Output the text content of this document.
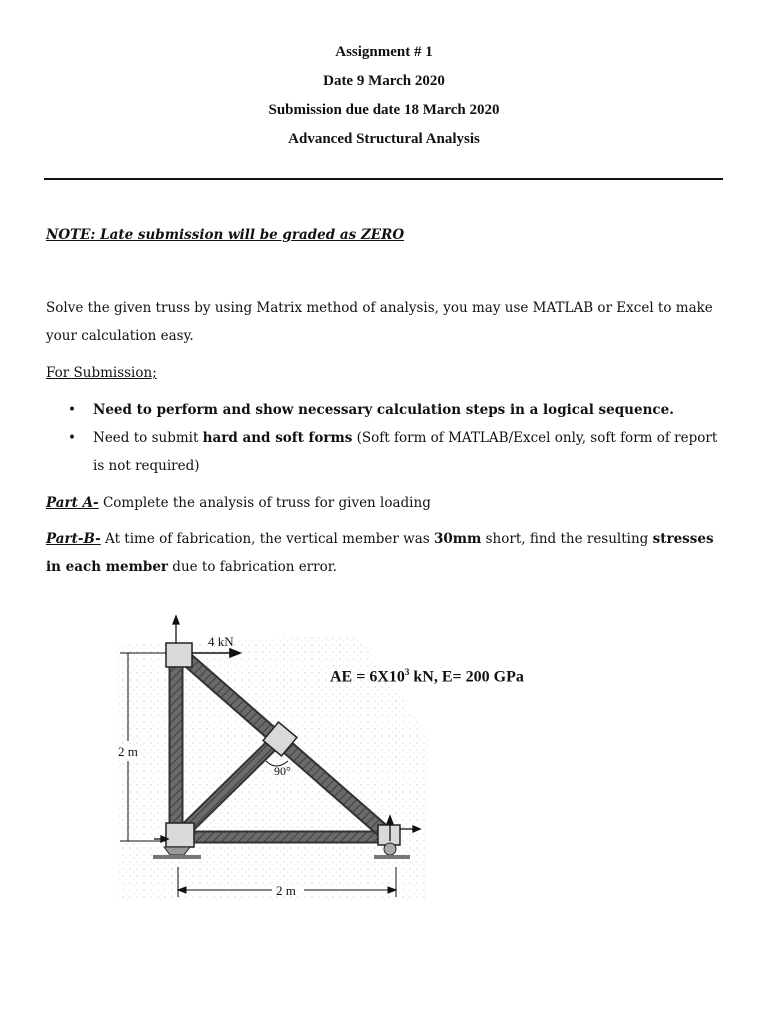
Assignment # 1
Date 9 March 2020
Submission due date 18 March 2020
Advanced Structural Analysis
NOTE: Late submission will be graded as ZERO
Solve the given truss by using Matrix method of analysis, you may use MATLAB or Excel to make your calculation easy.
For Submission;
• Need to perform and show necessary calculation steps in a logical sequence.
• Need to submit hard and soft forms (Soft form of MATLAB/Excel only, soft form of report is not required)
Part A- Complete the analysis of truss for given loading
Part-B- At time of fabrication, the vertical member was 30mm short, find the resulting stresses in each member due to fabrication error.
4 kN
2 m
2 m
90°
AE = $6X10^3$ kN, E= 200 GPa
